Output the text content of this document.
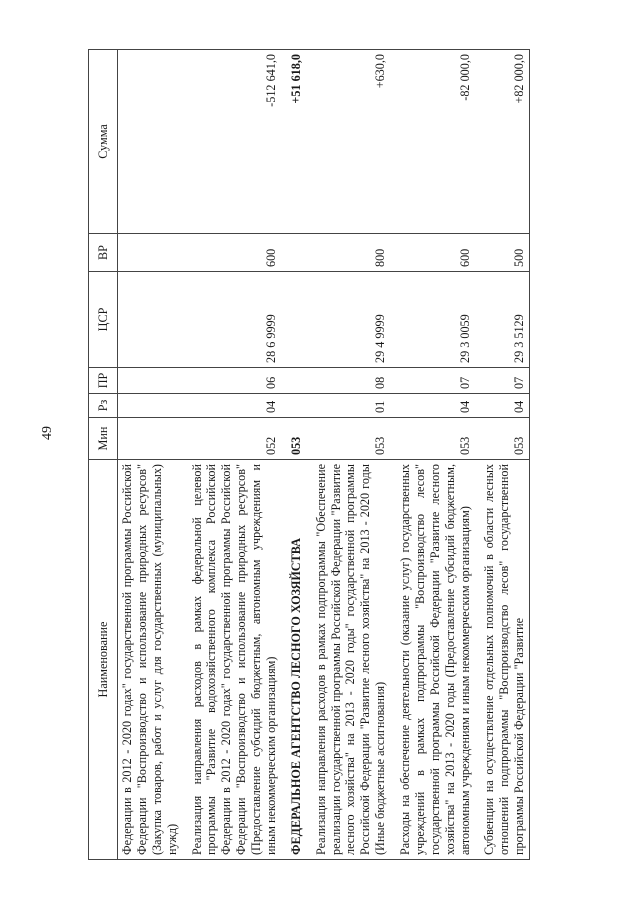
49
Наименование	Мин	Рз	ПР	ЦСР	ВР	Сумма
Федерации в 2012 - 2020 годах" государственной программы Российской Федерации "Воспроизводство и использование природных ресурсов" (Закупка товаров, работ и услуг для государственных (муниципальных) нужд)						

Реализация направления расходов в рамках федеральной целевой программы "Развитие водохозяйственного комплекса Российской Федерации в 2012 - 2020 годах" государственной программы Российской Федерации "Воспроизводство и использование природных ресурсов" (Предоставление субсидий бюджетным, автономным учреждениям и иным некоммерческим организациям)	052	04	06	28 6 9999	600	-512 641,0

ФЕДЕРАЛЬНОЕ АГЕНТСТВО ЛЕСНОГО ХОЗЯЙСТВА	053					+51 618,0

Реализация направления расходов в рамках подпрограммы "Обеспечение реализации государственной программы Российской Федерации "Развитие лесного хозяйства" на 2013 - 2020 годы" государственной программы Российской Федерации "Развитие лесного хозяйства" на 2013 - 2020 годы (Иные бюджетные ассигнования)	053	01	08	29 4 9999	800	+630,0

Расходы на обеспечение деятельности (оказание услуг) государственных учреждений в рамках подпрограммы "Воспроизводство лесов" государственной программы Российской Федерации "Развитие лесного хозяйства" на 2013 - 2020 годы (Предоставление субсидий бюджетным, автономным учреждениям и иным некоммерческим организациям)	053	04	07	29 3 0059	600	-82 000,0

Субвенции на осуществление отдельных полномочий в области лесных отношений подпрограммы "Воспроизводство лесов" государственной программы Российской Федерации "Развитие	053	04	07	29 3 5129	500	+82 000,0
